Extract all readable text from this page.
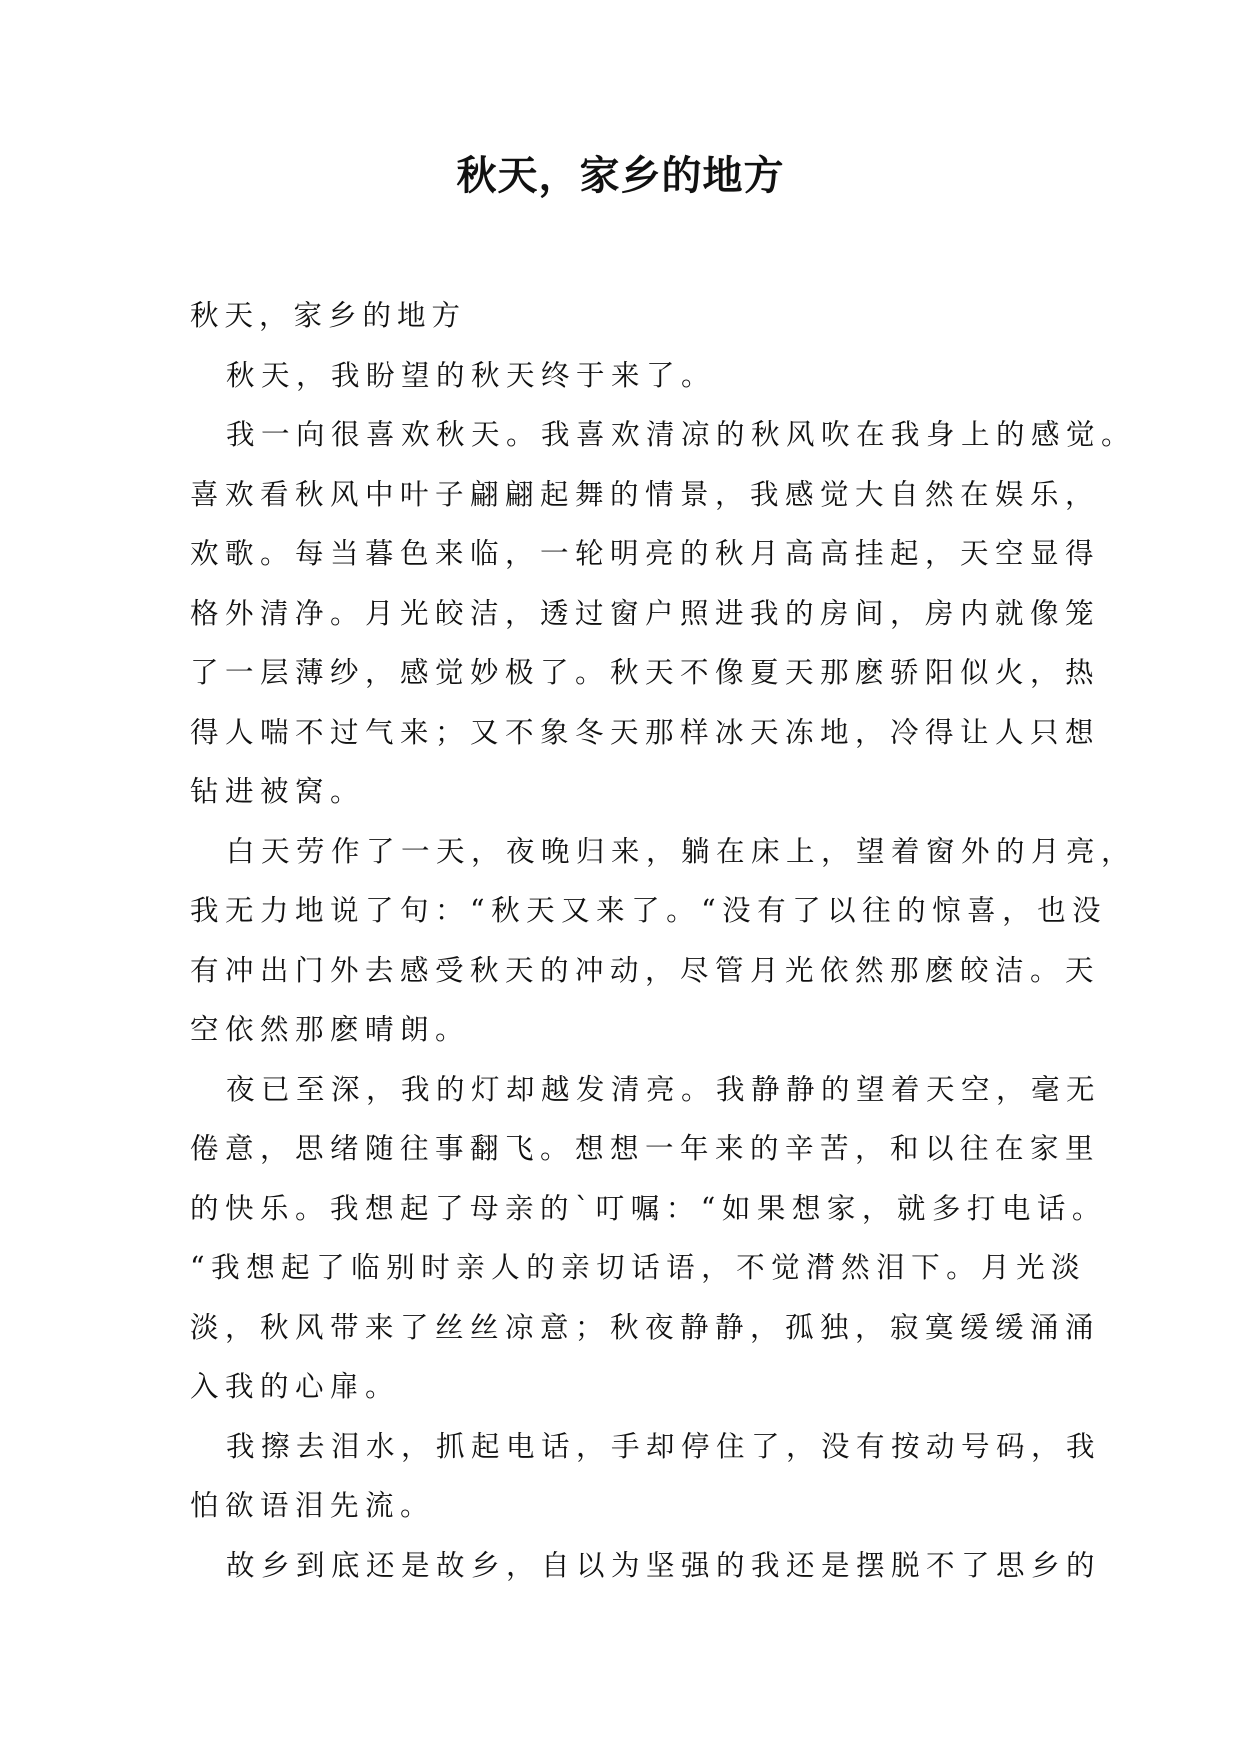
秋天，家乡的地方

秋天，家乡的地方

秋天，我盼望的秋天终于来了。

我一向很喜欢秋天。我喜欢清凉的秋风吹在我身上的感觉。

喜欢看秋风中叶子翩翩起舞的情景，我感觉大自然在娱乐，

欢歌。每当暮色来临，一轮明亮的秋月高高挂起，天空显得

格外清净。月光皎洁，透过窗户照进我的房间，房内就像笼

了一层薄纱，感觉妙极了。秋天不像夏天那麽骄阳似火，热

得人喘不过气来；又不象冬天那样冰天冻地，冷得让人只想

钻进被窝。

白天劳作了一天，夜晚归来，躺在床上，望着窗外的月亮，

我无力地说了句：“秋天又来了。“没有了以往的惊喜，也没

有冲出门外去感受秋天的冲动，尽管月光依然那麽皎洁。天

空依然那麽晴朗。

夜已至深，我的灯却越发清亮。我静静的望着天空，毫无

倦意，思绪随往事翻飞。想想一年来的辛苦，和以往在家里

的快乐。我想起了母亲的`叮嘱：“如果想家，就多打电话。

“我想起了临别时亲人的亲切话语，不觉潸然泪下。月光淡

淡，秋风带来了丝丝凉意；秋夜静静，孤独，寂寞缓缓涌涌

入我的心扉。

我擦去泪水，抓起电话，手却停住了，没有按动号码，我

怕欲语泪先流。

故乡到底还是故乡，自以为坚强的我还是摆脱不了思乡的
